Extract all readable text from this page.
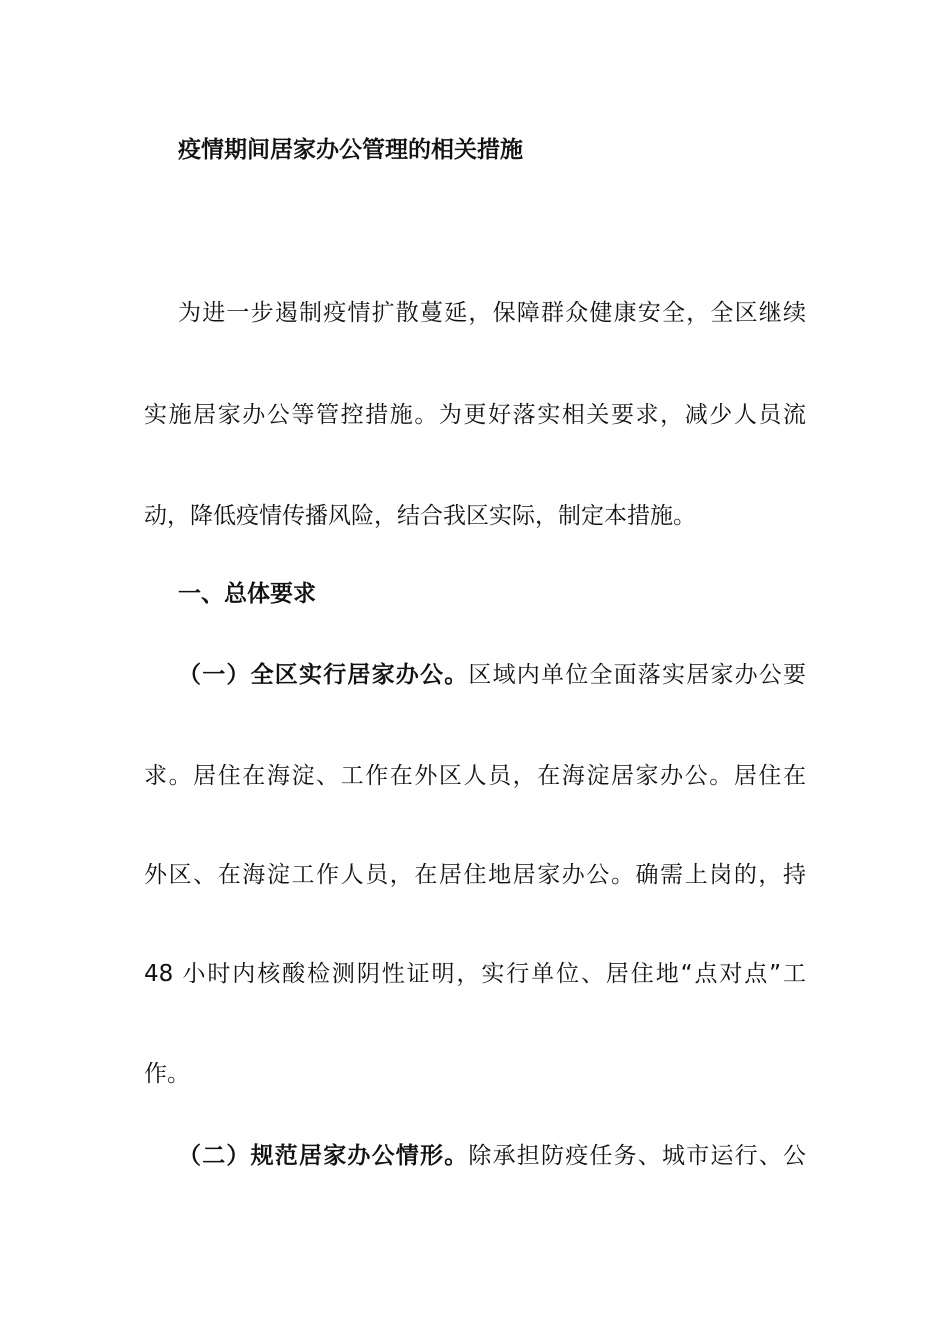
疫情期间居家办公管理的相关措施
为进一步遏制疫情扩散蔓延，保障群众健康安全，全区继续
实施居家办公等管控措施。为更好落实相关要求，减少人员流
动，降低疫情传播风险，结合我区实际，制定本措施。
一、总体要求
（一）全区实行居家办公。区域内单位全面落实居家办公要
求。居住在海淀、工作在外区人员，在海淀居家办公。居住在
外区、在海淀工作人员，在居住地居家办公。确需上岗的，持
48 小时内核酸检测阴性证明，实行单位、居住地“点对点”工
作。
（二）规范居家办公情形。除承担防疫任务、城市运行、公
